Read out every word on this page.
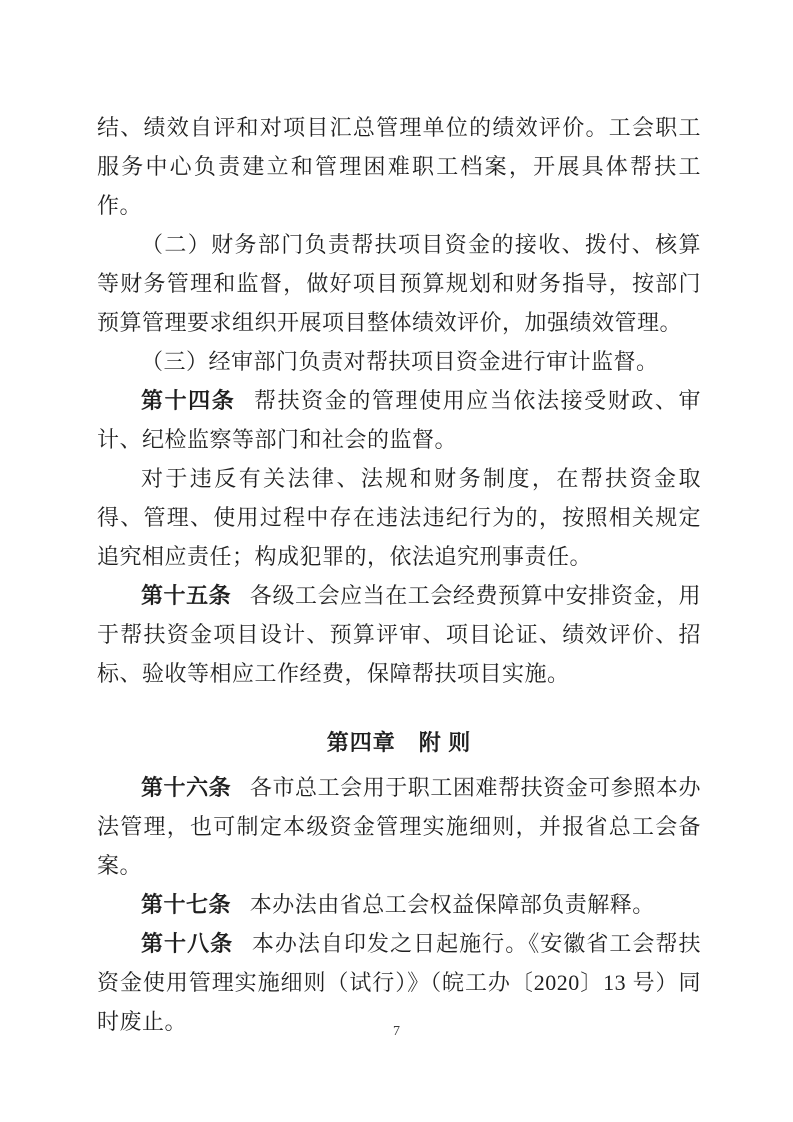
结、绩效自评和对项目汇总管理单位的绩效评价。工会职工服务中心负责建立和管理困难职工档案，开展具体帮扶工作。

（二）财务部门负责帮扶项目资金的接收、拨付、核算等财务管理和监督，做好项目预算规划和财务指导，按部门预算管理要求组织开展项目整体绩效评价，加强绩效管理。

（三）经审部门负责对帮扶项目资金进行审计监督。

第十四条 帮扶资金的管理使用应当依法接受财政、审计、纪检监察等部门和社会的监督。

对于违反有关法律、法规和财务制度，在帮扶资金取得、管理、使用过程中存在违法违纪行为的，按照相关规定追究相应责任；构成犯罪的，依法追究刑事责任。

第十五条 各级工会应当在工会经费预算中安排资金，用于帮扶资金项目设计、预算评审、项目论证、绩效评价、招标、验收等相应工作经费，保障帮扶项目实施。

第四章　附 则

第十六条 各市总工会用于职工困难帮扶资金可参照本办法管理，也可制定本级资金管理实施细则，并报省总工会备案。

第十七条 本办法由省总工会权益保障部负责解释。

第十八条 本办法自印发之日起施行。《安徽省工会帮扶资金使用管理实施细则（试行）》（皖工办〔2020〕13 号）同时废止。	7
